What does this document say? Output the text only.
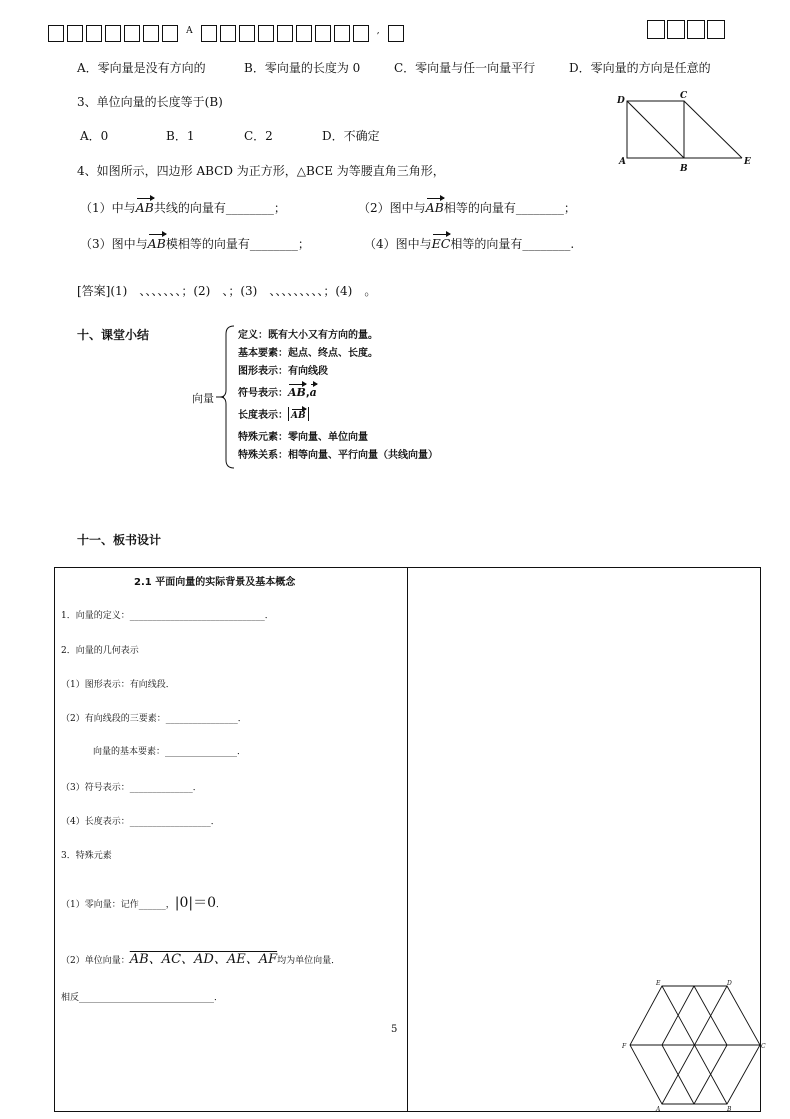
A	,
A．零向量是没有方向的	B．零向量的长度为 0	C．零向量与任一向量平行	D．零向量的方向是任意的
3、单位向量的长度等于(B)
A．0	B．1	C．2	D．不确定
D	C
A
B
E
4、如图所示，四边形 ABCD 为正方形，△BCE 为等腰直角三角形，
（1）中与AB共线的向量有________；	（2）图中与AB相等的向量有________；
（3）图中与AB模相等的向量有________；	（4）图中与EC相等的向量有________.
[答案](1)　、、、、、、、；(2)　、；(3)　、、、、、、、、、；(4)　。
十、课堂小结
向量
定义：既有大小又有方向的量。
基本要素：起点、终点、长度。
图形表示：有向线段
符号表示：AB,a
长度表示： AB
特殊元素：零向量、单位向量
特殊关系：相等向量、平行向量（共线向量）
十一、板书设计
2.1 平面向量的实际背景及基本概念
1．向量的定义：______________________________．
2．向量的几何表示
（1）图形表示：有向线段．
（2）有向线段的三要素：________________．
向量的基本要素：________________．
（3）符号表示：______________．
（4）长度表示：__________________．
3．特殊元素
（1）零向量：记作______，|0|＝0．
（2）单位向量：AB、AC、AD、AE、AF均为单位向量．
相反______________________________．
5
E	D
F	C
A	B
